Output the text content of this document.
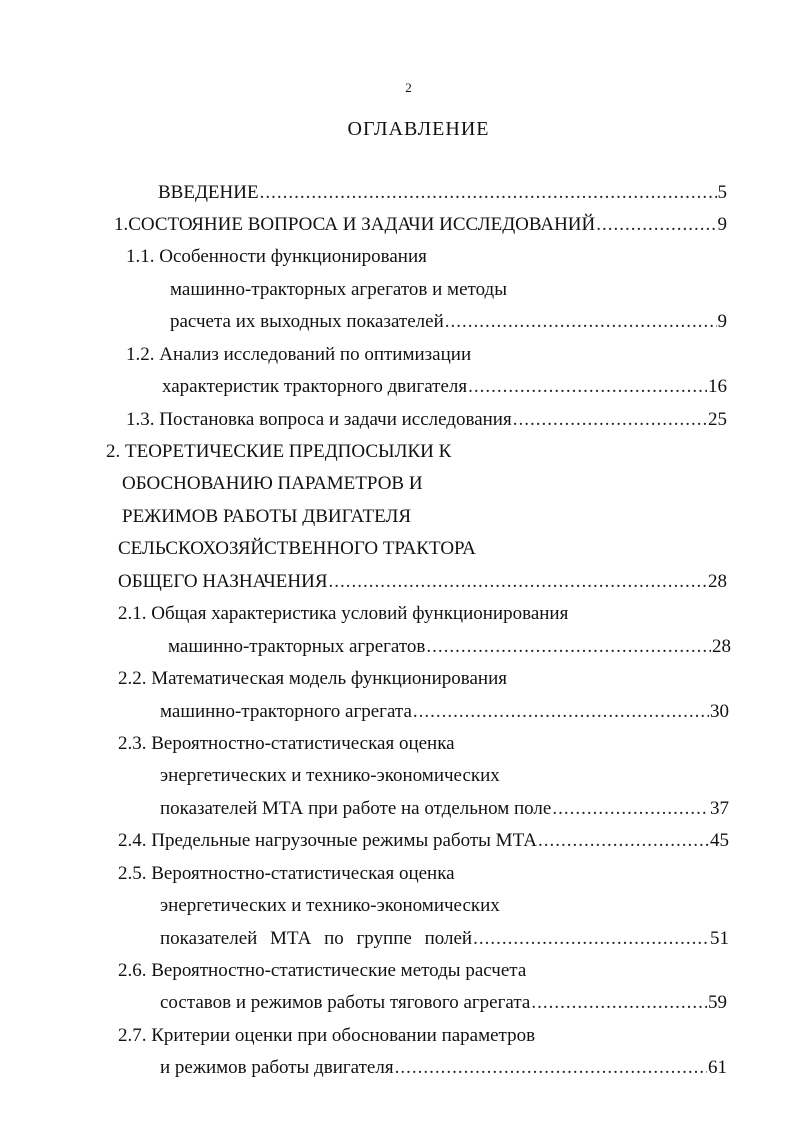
2
ОГЛАВЛЕНИЕ
ВВЕДЕНИЕ .....	5
1.СОСТОЯНИЕ ВОПРОСА И ЗАДАЧИ ИССЛЕДОВАНИЙ .....	9
1.1. Особенности функционирования
машинно-тракторных агрегатов и методы
расчета их выходных показателей .....	9
1.2. Анализ исследований по оптимизации
характеристик тракторного двигателя .....	16
1.3. Постановка вопроса и задачи исследования .....	25
2. ТЕОРЕТИЧЕСКИЕ ПРЕДПОСЫЛКИ К
ОБОСНОВАНИЮ ПАРАМЕТРОВ И
РЕЖИМОВ РАБОТЫ ДВИГАТЕЛЯ
СЕЛЬСКОХОЗЯЙСТВЕННОГО ТРАКТОРА
ОБЩЕГО НАЗНАЧЕНИЯ .....	28
2.1. Общая характеристика условий функционирования
машинно-тракторных агрегатов .....	28
2.2. Математическая модель функционирования
машинно-тракторного агрегата .....	30
2.3. Вероятностно-статистическая оценка
энергетических и технико-экономических
показателей МТА при работе на отдельном поле .....	37
2.4. Предельные нагрузочные режимы работы МТА .....	45
2.5. Вероятностно-статистическая оценка
энергетических и технико-экономических
показателей МТА по группе полей .....	51
2.6. Вероятностно-статистические методы расчета
составов и режимов работы тягового агрегата .....	59
2.7. Критерии оценки при обосновании параметров
и режимов работы двигателя .....	61
